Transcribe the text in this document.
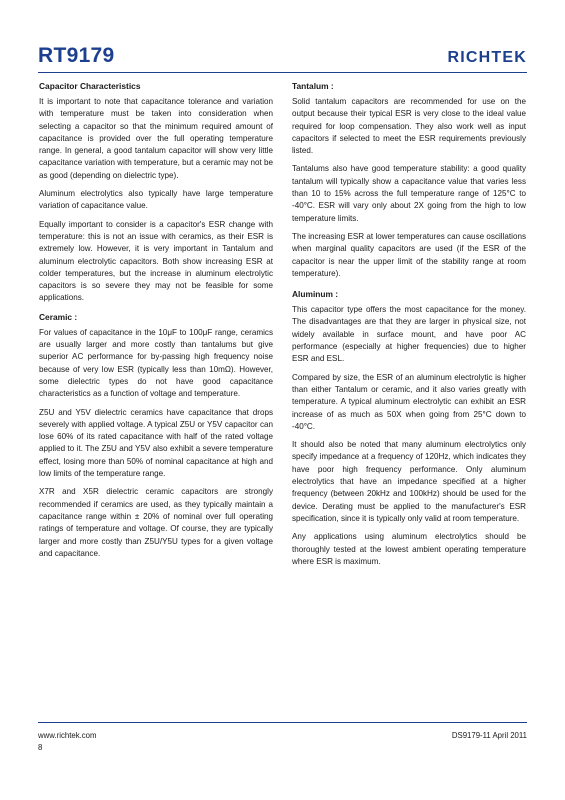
RT9179	RICHTEK
Capacitor Characteristics

It is important to note that capacitance tolerance and variation with temperature must be taken into consideration when selecting a capacitor so that the minimum required amount of capacitance is provided over the full operating temperature range. In general, a good tantalum capacitor will show very little capacitance variation with temperature, but a ceramic may not be as good (depending on dielectric type).

Aluminum electrolytics also typically have large temperature variation of capacitance value.

Equally important to consider is a capacitor's ESR change with temperature: this is not an issue with ceramics, as their ESR is extremely low. However, it is very important in Tantalum and aluminum electrolytic capacitors. Both show increasing ESR at colder temperatures, but the increase in aluminum electrolytic capacitors is so severe they may not be feasible for some applications.

Ceramic :

For values of capacitance in the 10μF to 100μF range, ceramics are usually larger and more costly than tantalums but give superior AC performance for by-passing high frequency noise because of very low ESR (typically less than 10mΩ). However, some dielectric types do not have good capacitance characteristics as a function of voltage and temperature.

Z5U and Y5V dielectric ceramics have capacitance that drops severely with applied voltage. A typical Z5U or Y5V capacitor can lose 60% of its rated capacitance with half of the rated voltage applied to it. The Z5U and Y5V also exhibit a severe temperature effect, losing more than 50% of nominal capacitance at high and low limits of the temperature range.

X7R and X5R dielectric ceramic capacitors are strongly recommended if ceramics are used, as they typically maintain a capacitance range within ± 20% of nominal over full operating ratings of temperature and voltage. Of course, they are typically larger and more costly than Z5U/Y5U types for a given voltage and capacitance.

Tantalum :

Solid tantalum capacitors are recommended for use on the output because their typical ESR is very close to the ideal value required for loop compensation. They also work well as input capacitors if selected to meet the ESR requirements previously listed.

Tantalums also have good temperature stability: a good quality tantalum will typically show a capacitance value that varies less than 10 to 15% across the full temperature range of 125°C to -40°C. ESR will vary only about 2X going from the high to low temperature limits.

The increasing ESR at lower temperatures can cause oscillations when marginal quality capacitors are used (if the ESR of the capacitor is near the upper limit of the stability range at room temperature).

Aluminum :

This capacitor type offers the most capacitance for the money. The disadvantages are that they are larger in physical size, not widely available in surface mount, and have poor AC performance (especially at higher frequencies) due to higher ESR and ESL.

Compared by size, the ESR of an aluminum electrolytic is higher than either Tantalum or ceramic, and it also varies greatly with temperature. A typical aluminum electrolytic can exhibit an ESR increase of as much as 50X when going from 25°C down to -40°C.

It should also be noted that many aluminum electrolytics only specify impedance at a frequency of 120Hz, which indicates they have poor high frequency performance. Only aluminum electrolytics that have an impedance specified at a higher frequency (between 20kHz and 100kHz) should be used for the device. Derating must be applied to the manufacturer's ESR specification, since it is typically only valid at room temperature.

Any applications using aluminum electrolytics should be thoroughly tested at the lowest ambient operating temperature where ESR is maximum.

www.richtek.com	DS9179-11 April 2011
8
